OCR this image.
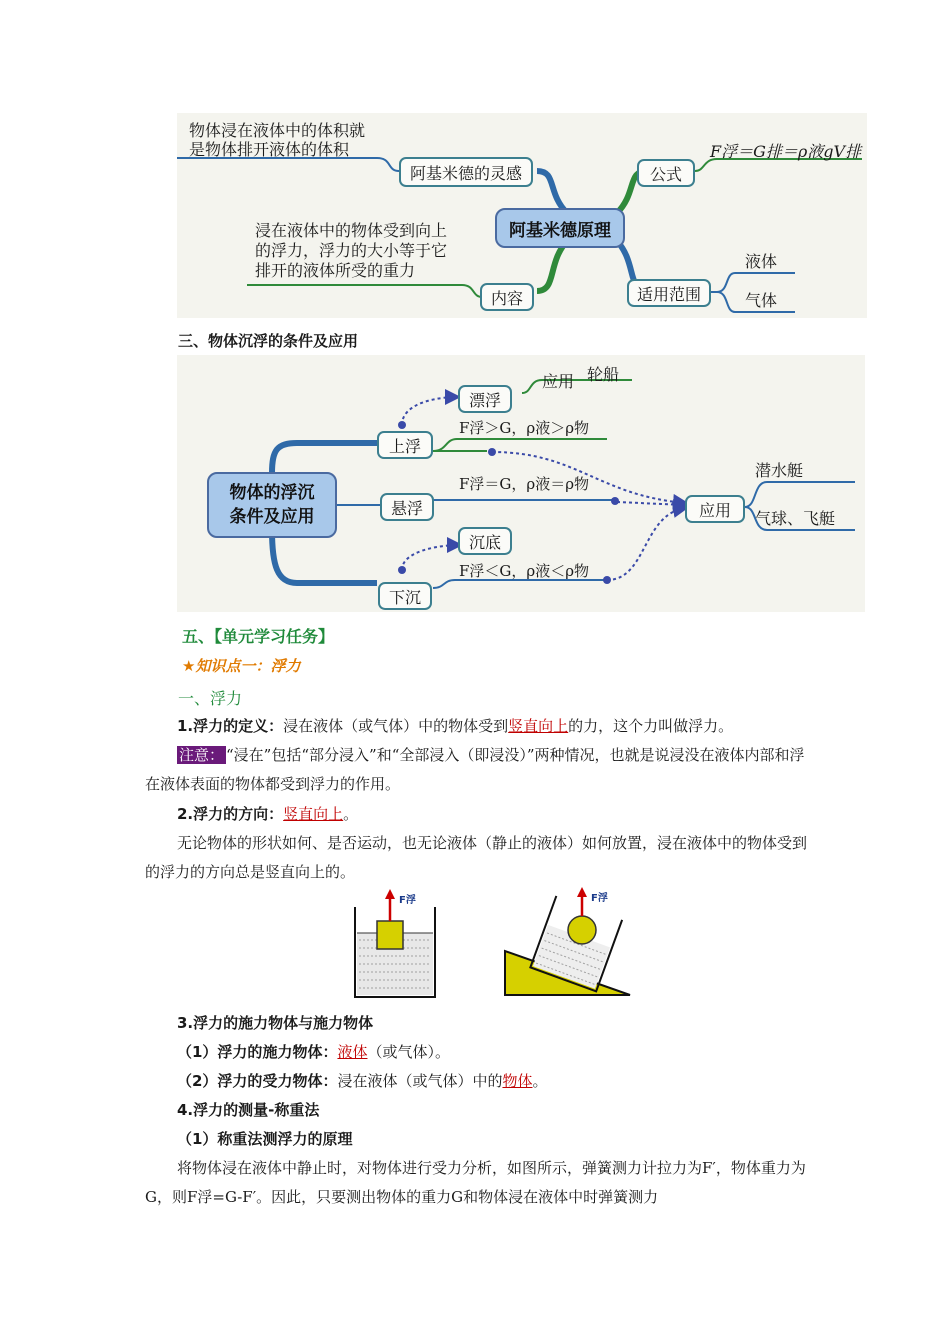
物体浸在液体中的体积就
是物体排开液体的体积
阿基米德的灵感
阿基米德原理
公式
F浮＝G排＝ρ液gV排
浸在液体中的物体受到向上
的浮力，浮力的大小等于它
排开的液体所受的重力
内容	适用范围
液体
气体
三、物体沉浮的条件及应用
物体的浮沉
条件及应用
上浮
悬浮
下沉
漂浮
沉底
应用 轮船
应用
潜水艇
气球、飞艇
F浮＞G，ρ液＞ρ物
F浮＝G，ρ液＝ρ物
F浮＜G，ρ液＜ρ物
五、【单元学习任务】
★知识点一：浮力
一、浮力
1.浮力的定义：浸在液体（或气体）中的物体受到竖直向上的力，这个力叫做浮力。
注意： “浸在”包括“部分浸入”和“全部浸入（即浸没）”两种情况，也就是说浸没在液体内部和浮在液体表面的物体都受到浮力的作用。
2.浮力的方向：竖直向上。
无论物体的形状如何、是否运动，也无论液体（静止的液体）如何放置，浸在液体中的物体受到的浮力的方向总是竖直向上的。
F浮	F浮
3.浮力的施力物体与施力物体
（1）浮力的施力物体：液体（或气体）。
（2）浮力的受力物体：浸在液体（或气体）中的物体。
4.浮力的测量-称重法
（1）称重法测浮力的原理
将物体浸在液体中静止时，对物体进行受力分析，如图所示，弹簧测力计拉力为F′，物体重力为G，则F浮=G-F′。因此，只要测出物体的重力G和物体浸在液体中时弹簧测力
